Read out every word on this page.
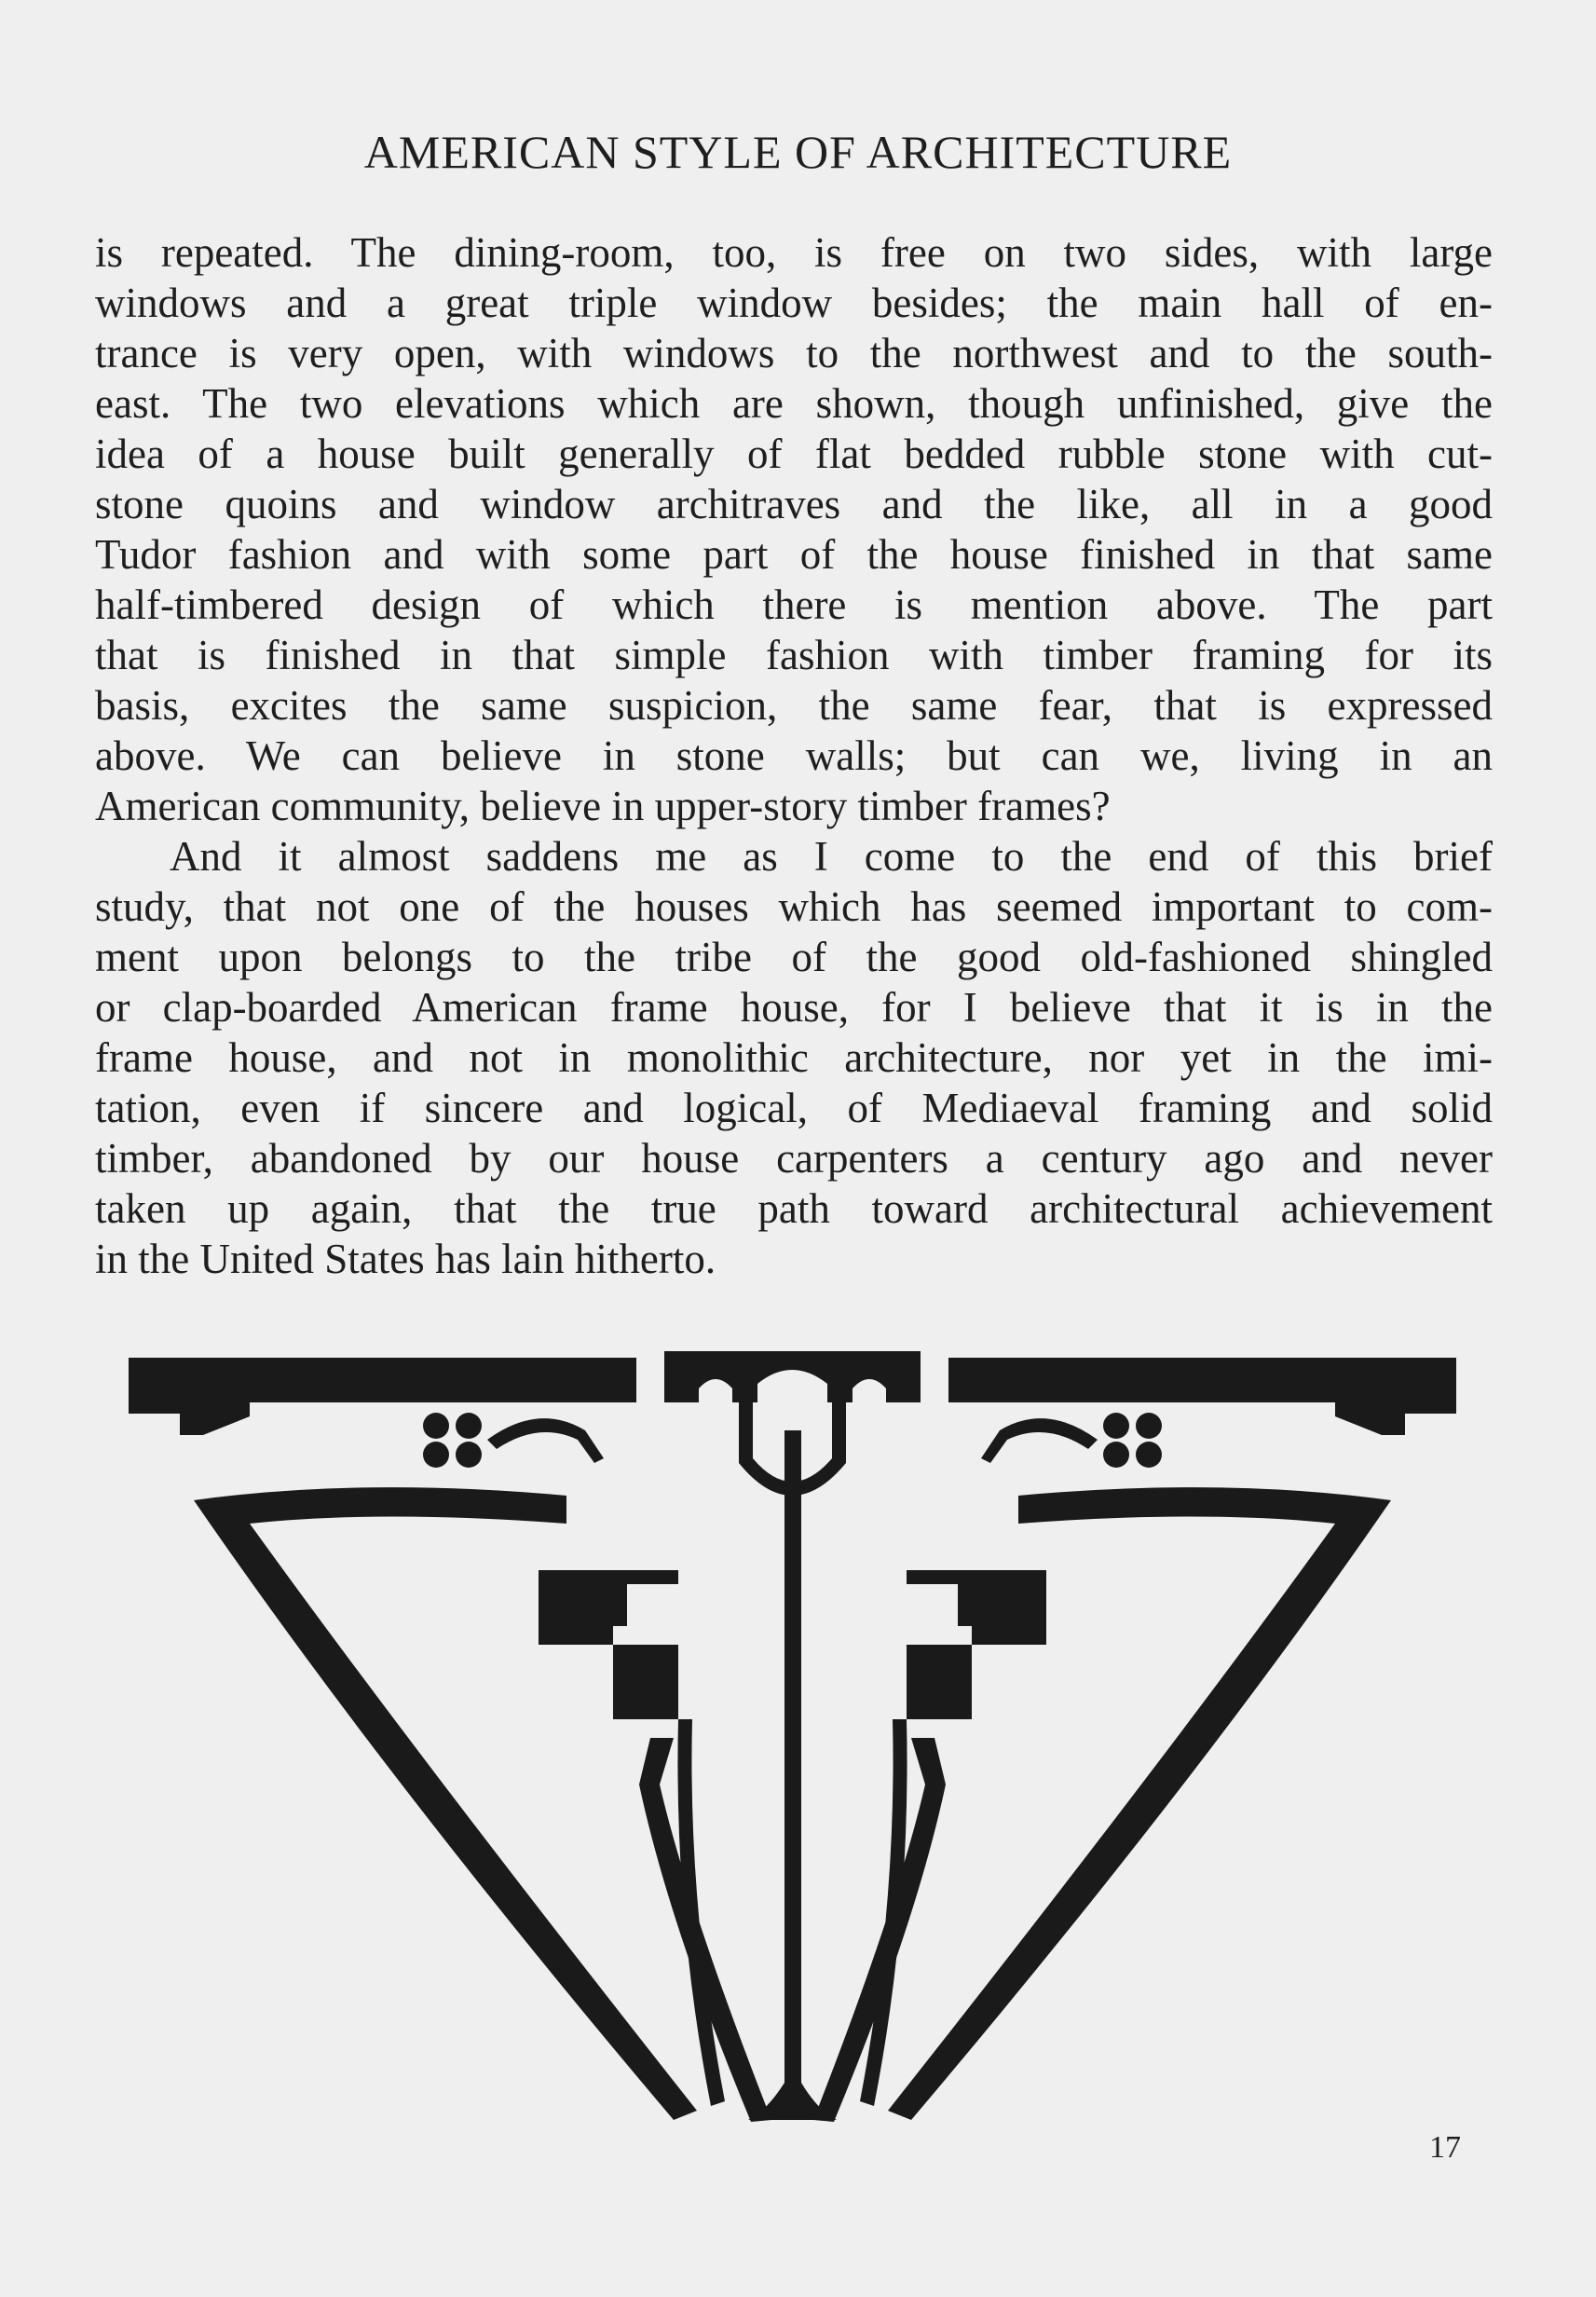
AMERICAN STYLE OF ARCHITECTURE
is repeated. The dining-room, too, is free on two sides, with large
windows and a great triple window besides; the main hall of en-
trance is very open, with windows to the northwest and to the south-
east. The two elevations which are shown, though unfinished, give the
idea of a house built generally of flat bedded rubble stone with cut-
stone quoins and window architraves and the like, all in a good
Tudor fashion and with some part of the house finished in that same
half-timbered design of which there is mention above. The part
that is finished in that simple fashion with timber framing for its
basis, excites the same suspicion, the same fear, that is expressed
above. We can believe in stone walls; but can we, living in an
American community, believe in upper-story timber frames?
And it almost saddens me as I come to the end of this brief
study, that not one of the houses which has seemed important to com-
ment upon belongs to the tribe of the good old-fashioned shingled
or clap-boarded American frame house, for I believe that it is in the
frame house, and not in monolithic architecture, nor yet in the imi-
tation, even if sincere and logical, of Mediaeval framing and solid
timber, abandoned by our house carpenters a century ago and never
taken up again, that the true path toward architectural achievement
in the United States has lain hitherto.
17
